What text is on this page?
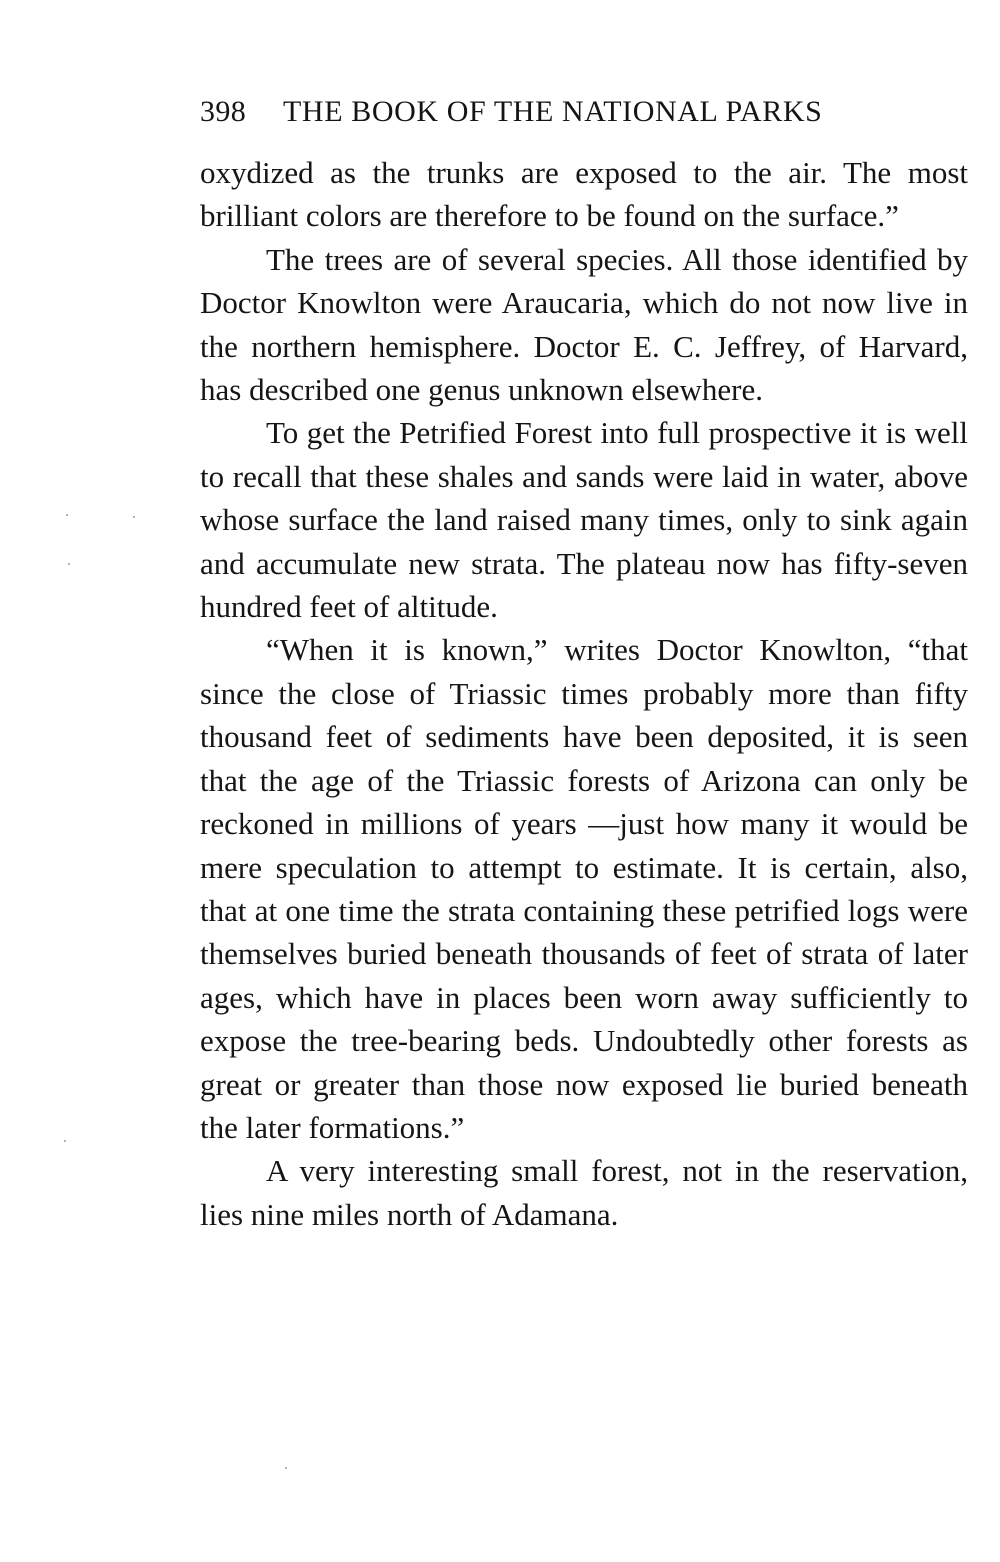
398 THE BOOK OF THE NATIONAL PARKS

oxydized as the trunks are exposed to the air. The most brilliant colors are therefore to be found on the surface.”

The trees are of several species. All those identified by Doctor Knowlton were Araucaria, which do not now live in the northern hemisphere. Doctor E. C. Jeffrey, of Harvard, has described one genus unknown elsewhere.

To get the Petrified Forest into full prospective it is well to recall that these shales and sands were laid in water, above whose surface the land raised many times, only to sink again and accumulate new strata. The plateau now has fifty-seven hundred feet of altitude.

“When it is known,” writes Doctor Knowlton, “that since the close of Triassic times probably more than fifty thousand feet of sediments have been deposited, it is seen that the age of the Triassic forests of Arizona can only be reckoned in millions of years —just how many it would be mere speculation to attempt to estimate. It is certain, also, that at one time the strata containing these petrified logs were themselves buried beneath thousands of feet of strata of later ages, which have in places been worn away sufficiently to expose the tree-bearing beds. Undoubtedly other forests as great or greater than those now exposed lie buried beneath the later formations.”

A very interesting small forest, not in the reservation, lies nine miles north of Adamana.
